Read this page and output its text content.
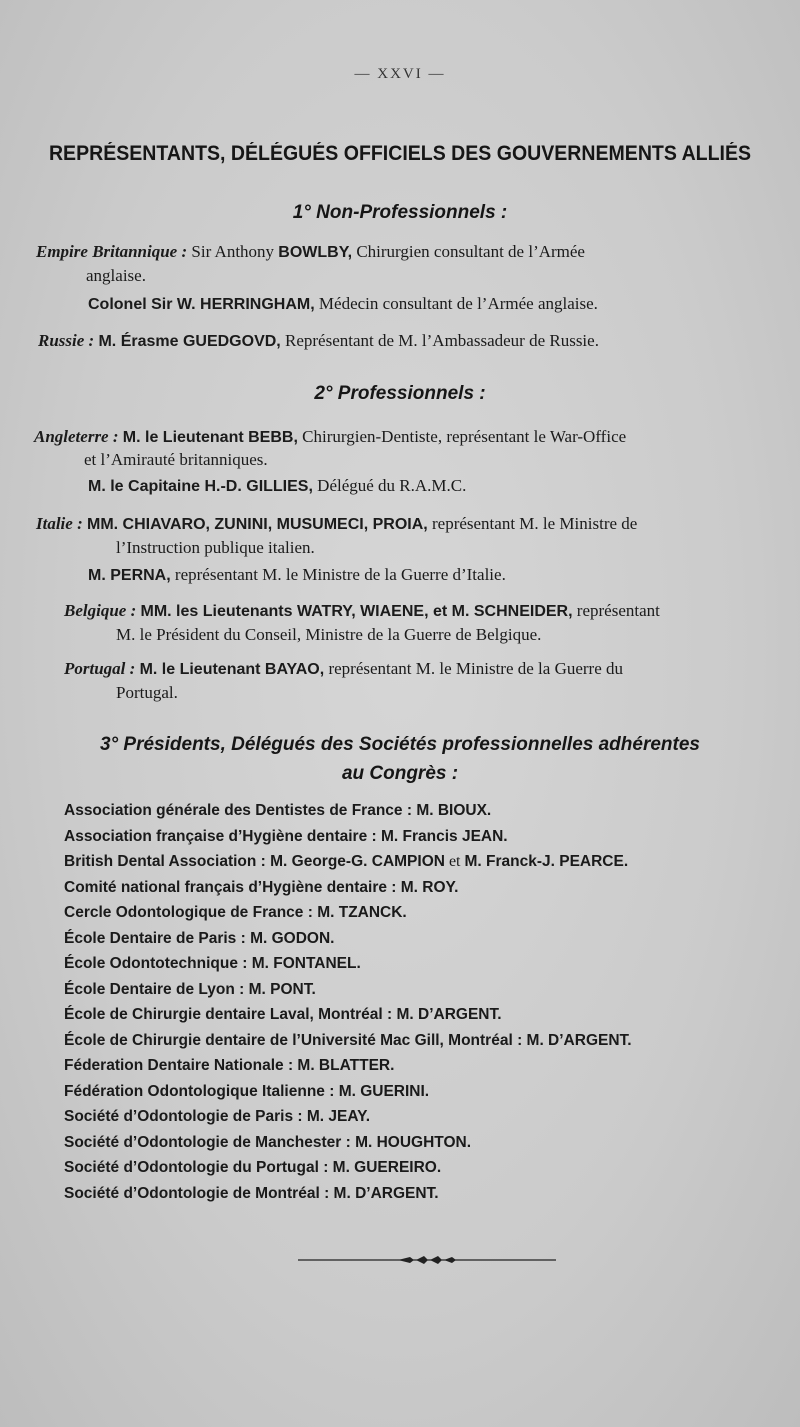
— XXVI —
REPRÉSENTANTS, DÉLÉGUÉS OFFICIELS DES GOUVERNEMENTS ALLIÉS
1° Non-Professionnels :
Empire Britannique : Sir Anthony BOWLBY, Chirurgien consultant de l’Armée
anglaise.
Colonel Sir W. HERRINGHAM, Médecin consultant de l’Armée anglaise.
Russie : M. Érasme GUEDGOVD, Représentant de M. l’Ambassadeur de Russie.
2° Professionnels :
Angleterre : M. le Lieutenant BEBB, Chirurgien-Dentiste, représentant le War-Office
et l’Amirauté britanniques.
M. le Capitaine H.-D. GILLIES, Délégué du R.A.M.C.
Italie : MM. CHIAVARO, ZUNINI, MUSUMECI, PROIA, représentant M. le Ministre de
l’Instruction publique italien.
M. PERNA, représentant M. le Ministre de la Guerre d’Italie.
Belgique : MM. les Lieutenants WATRY, WIAENE, et M. SCHNEIDER, représentant
M. le Président du Conseil, Ministre de la Guerre de Belgique.
Portugal : M. le Lieutenant BAYAO, représentant M. le Ministre de la Guerre du
Portugal.
3° Présidents, Délégués des Sociétés professionnelles adhérentes
au Congrès :
Association générale des Dentistes de France : M. BIOUX.
Association française d’Hygiène dentaire : M. Francis JEAN.
British Dental Association : M. George-G. CAMPION et M. Franck-J. PEARCE.
Comité national français d’Hygiène dentaire : M. ROY.
Cercle Odontologique de France : M. TZANCK.
École Dentaire de Paris : M. GODON.
École Odontotechnique : M. FONTANEL.
École Dentaire de Lyon : M. PONT.
École de Chirurgie dentaire Laval, Montréal : M. D’ARGENT.
École de Chirurgie dentaire de l’Université Mac Gill, Montréal : M. D’ARGENT.
Féderation Dentaire Nationale : M. BLATTER.
Fédération Odontologique Italienne : M. GUERINI.
Société d’Odontologie de Paris : M. JEAY.
Société d’Odontologie de Manchester : M. HOUGHTON.
Société d’Odontologie du Portugal : M. GUEREIRO.
Société d’Odontologie de Montréal : M. D’ARGENT.
